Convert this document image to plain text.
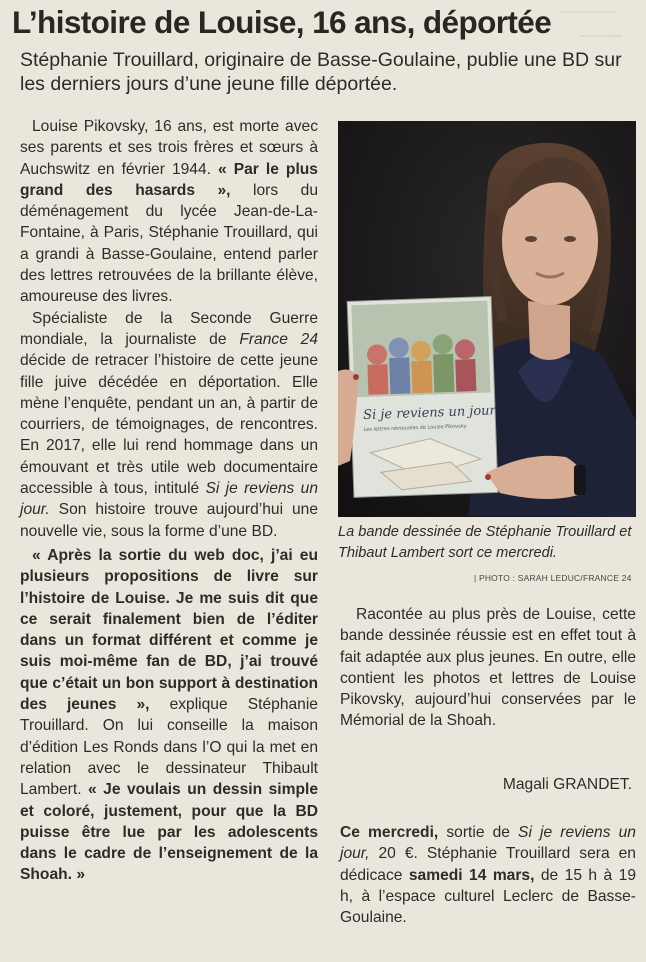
────────
──────
L’histoire de Louise, 16 ans, déportée

Stéphanie Trouillard, originaire de Basse-Goulaine, publie une BD sur les derniers jours d’une jeune fille déportée.

Louise Pikovsky, 16 ans, est morte avec ses parents et ses trois frères et sœurs à Auchswitz en février 1944. « Par le plus grand des hasards », lors du déménagement du lycée Jean-de-La-Fontaine, à Paris, Stéphanie Trouillard, qui a grandi à Basse-Goulaine, entend parler des lettres retrouvées de la brillante élève, amoureuse des livres.

Spécialiste de la Seconde Guerre mondiale, la journaliste de France 24 décide de retracer l’histoire de cette jeune fille juive décédée en déportation. Elle mène l’enquête, pendant un an, à partir de courriers, de témoignages, de rencontres. En 2017, elle lui rend hommage dans un émouvant et très utile web documentaire accessible à tous, intitulé Si je reviens un jour. Son histoire trouve aujourd’hui une nouvelle vie, sous la forme d’une BD.

« Après la sortie du web doc, j’ai eu plusieurs propositions de livre sur l’histoire de Louise. Je me suis dit que ce serait finalement bien de l’éditer dans un format différent et comme je suis moi-même fan de BD, j’ai trouvé que c’était un bon support à destination des jeunes », explique Stéphanie Trouillard. On lui conseille la maison d’édition Les Ronds dans l’O qui la met en relation avec le dessinateur Thibault Lambert. « Je voulais un dessin simple et coloré, justement, pour que la BD puisse être lue par les adolescents dans le cadre de l’enseignement de la Shoah. »

Si je reviens un jour
Les lettres retrouvées de Louise Pikovsky
La bande dessinée de Stéphanie Trouillard et Thibaut Lambert sort ce mercredi.
| PHOTO : SARAH LEDUC/FRANCE 24

Racontée au plus près de Louise, cette bande dessinée réussie est en effet tout à fait adaptée aux plus jeunes. En outre, elle contient les photos et lettres de Louise Pikovsky, aujourd’hui conservées par le Mémorial de la Shoah.

Magali GRANDET.

Ce mercredi, sortie de Si je reviens un jour, 20 €. Stéphanie Trouillard sera en dédicace samedi 14 mars, de 15 h à 19 h, à l’espace culturel Leclerc de Basse-Goulaine.
